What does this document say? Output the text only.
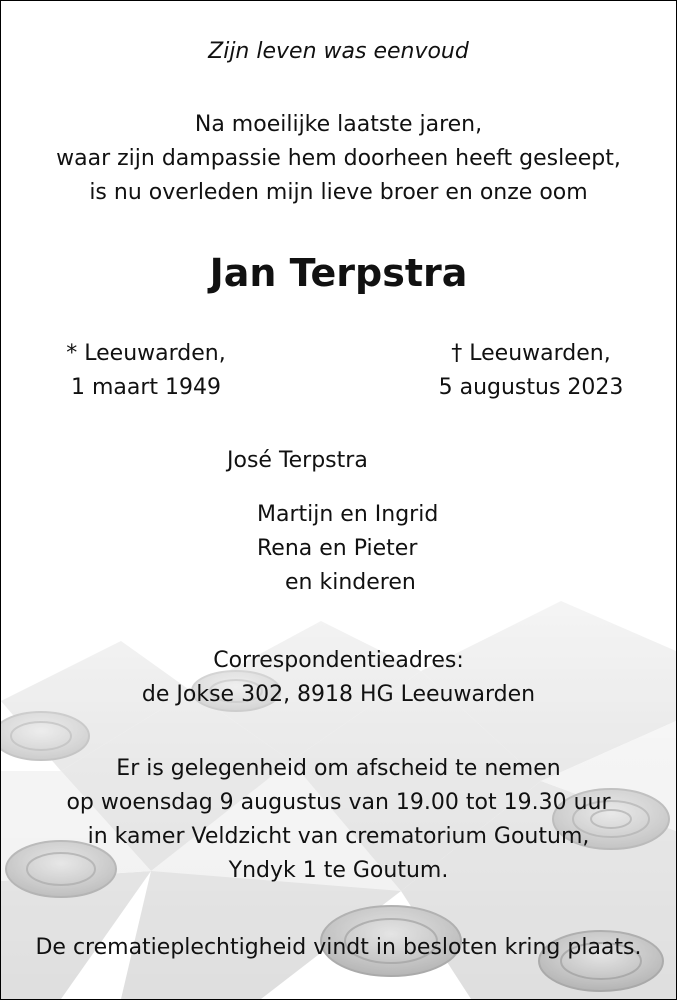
Zijn leven was eenvoud
Na moeilijke laatste jaren,
waar zijn dampassie hem doorheen heeft gesleept,
is nu overleden mijn lieve broer en onze oom
Jan Terpstra
* Leeuwarden,
1 maart 1949
† Leeuwarden,
5 augustus 2023
José Terpstra
Martijn en Ingrid
Rena en Pieter
en kinderen
Correspondentieadres:
de Jokse 302, 8918 HG Leeuwarden
Er is gelegenheid om afscheid te nemen
op woensdag 9 augustus van 19.00 tot 19.30 uur
in kamer Veldzicht van crematorium Goutum,
Yndyk 1 te Goutum.
De crematieplechtigheid vindt in besloten kring plaats.
